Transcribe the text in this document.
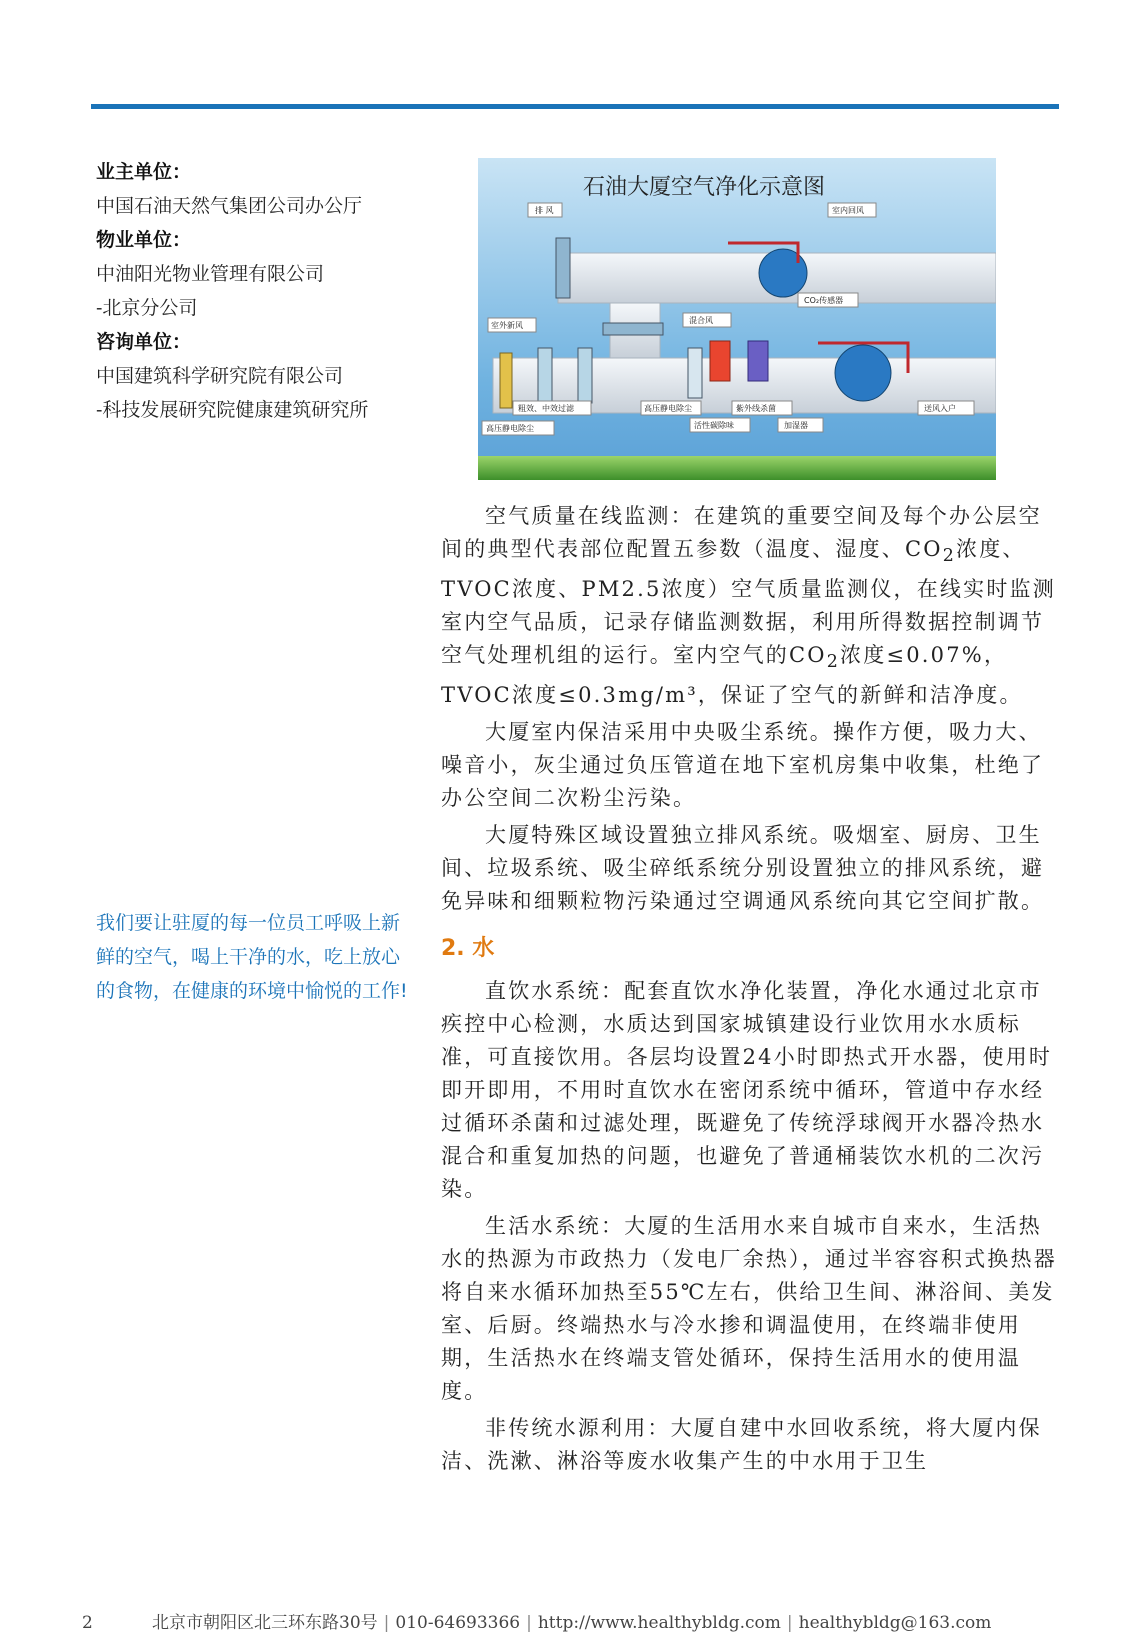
业主单位：
中国石油天然气集团公司办公厅
物业单位：
中油阳光物业管理有限公司
-北京分公司
咨询单位：
中国建筑科学研究院有限公司
-科技发展研究院健康建筑研究所
我们要让驻厦的每一位员工呼吸上新鲜的空气，喝上干净的水，吃上放心的食物，在健康的环境中愉悦的工作!
石油大厦空气净化示意图
排 风	室内回风
CO₂传感器
混合风
室外新风
粗效、中效过滤	高压静电除尘	紫外线杀菌
高压静电除尘	活性碳除味	加湿器
送风入户

空气质量在线监测：在建筑的重要空间及每个办公层空间的典型代表部位配置五参数（温度、湿度、$CO_2$浓度、TVOC浓度、PM2.5浓度）空气质量监测仪，在线实时监测室内空气品质，记录存储监测数据，利用所得数据控制调节空气处理机组的运行。室内空气的$CO_2$浓度≤0.07%，TVOC浓度≤0.3mg/m³，保证了空气的新鲜和洁净度。

大厦室内保洁采用中央吸尘系统。操作方便，吸力大、噪音小，灰尘通过负压管道在地下室机房集中收集，杜绝了办公空间二次粉尘污染。

大厦特殊区域设置独立排风系统。吸烟室、厨房、卫生间、垃圾系统、吸尘碎纸系统分别设置独立的排风系统，避免异味和细颗粒物污染通过空调通风系统向其它空间扩散。

2. 水

直饮水系统：配套直饮水净化装置，净化水通过北京市疾控中心检测，水质达到国家城镇建设行业饮用水水质标准，可直接饮用。各层均设置24小时即热式开水器，使用时即开即用，不用时直饮水在密闭系统中循环，管道中存水经过循环杀菌和过滤处理，既避免了传统浮球阀开水器冷热水混合和重复加热的问题，也避免了普通桶装饮水机的二次污染。

生活水系统：大厦的生活用水来自城市自来水，生活热水的热源为市政热力（发电厂余热），通过半容容积式换热器将自来水循环加热至55℃左右，供给卫生间、淋浴间、美发室、后厨。终端热水与冷水掺和调温使用，在终端非使用期，生活热水在终端支管处循环，保持生活用水的使用温度。

非传统水源利用：大厦自建中水回收系统，将大厦内保洁、洗漱、淋浴等废水收集产生的中水用于卫生

2	北京市朝阳区北三环东路30号 | 010-64693366 | http://www.healthybldg.com | healthybldg@163.com
